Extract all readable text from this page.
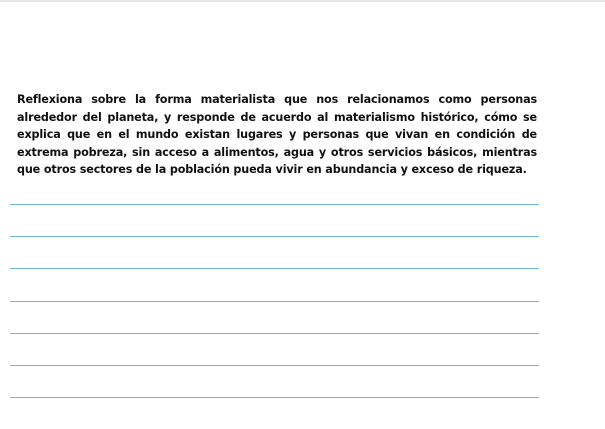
Reflexiona sobre la forma materialista que nos relacionamos como personas alrededor del planeta, y responde de acuerdo al materialismo histórico, cómo se explica que en el mundo existan lugares y personas que vivan en condición de extrema pobreza, sin acceso a alimentos, agua y otros servicios básicos, mientras que otros sectores de la población pueda vivir en abundancia y exceso de riqueza.
